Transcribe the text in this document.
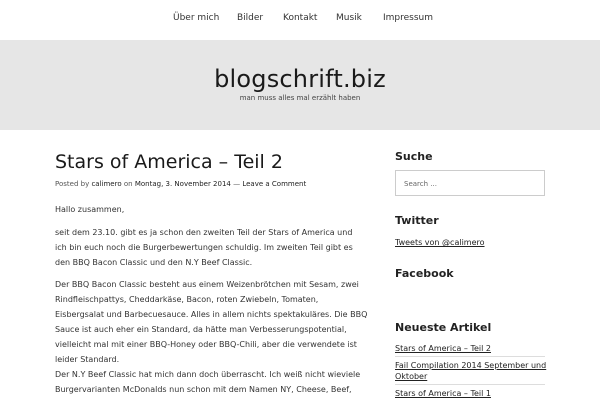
Über mich Bilder Kontakt Musik Impressum
blogschrift.biz
man muss alles mal erzählt haben
Stars of America – Teil 2
Posted by calimero on Montag, 3. November 2014 — Leave a Comment
Hallo zusammen,
seit dem 23.10. gibt es ja schon den zweiten Teil der Stars of America und
ich bin euch noch die Burgerbewertungen schuldig. Im zweiten Teil gibt es
den BBQ Bacon Classic und den N.Y Beef Classic.
Der BBQ Bacon Classic besteht aus einem Weizenbrötchen mit Sesam, zwei
Rindfleischpattys, Cheddarkäse, Bacon, roten Zwiebeln, Tomaten,
Eisbergsalat und Barbecuesauce. Alles in allem nichts spektakuläres. Die BBQ
Sauce ist auch eher ein Standard, da hätte man Verbesserungspotential,
vielleicht mal mit einer BBQ-Honey oder BBQ-Chili, aber die verwendete ist
leider Standard.
Der N.Y Beef Classic hat mich dann doch überrascht. Ich weiß nicht wieviele
Burgervarianten McDonalds nun schon mit dem Namen NY, Cheese, Beef,
Suche
Search ...
Twitter
Tweets von @calimero
Facebook
Neueste Artikel
Stars of America – Teil 2
Fail Compilation 2014 September und
Oktober
Stars of America – Teil 1
